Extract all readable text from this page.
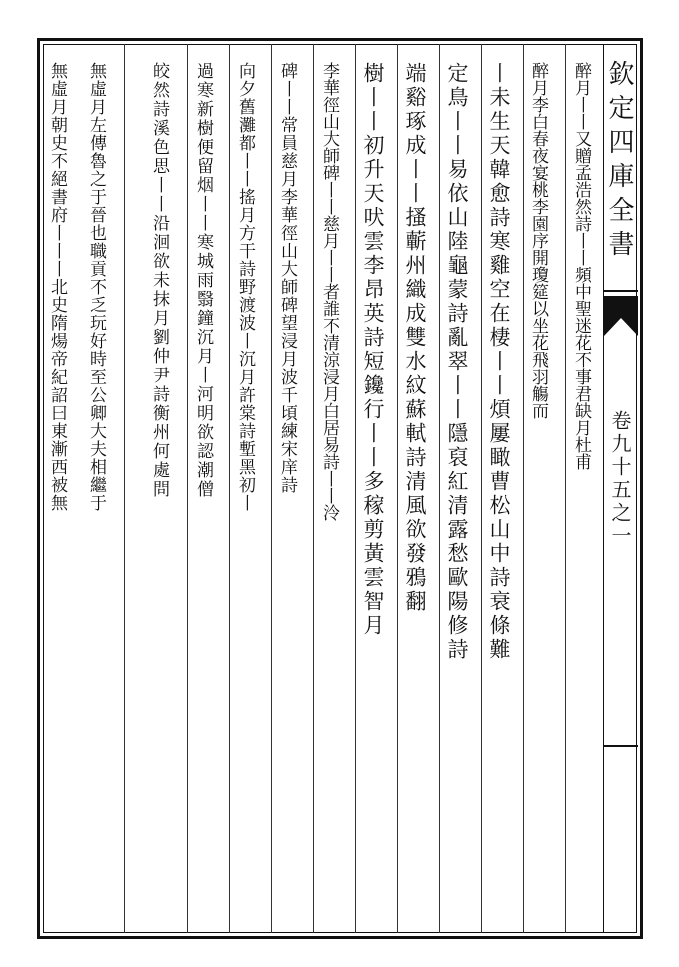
欽定四庫全書
卷九十五之一
醉月丨丨又贈孟浩然詩丨丨頻中聖迷花不事君缺月杜甫
醉月李白春夜宴桃李園序開瓊筵以坐花飛羽觴而
丨未生天韓愈詩寒雞空在棲丨丨煩屢瞰曹松山中詩衰條難
定鳥丨丨易依山陸龜蒙詩亂翠丨丨隱裒紅清露愁歐陽修詩
端谿琢成丨丨搔蘄州織成雙水紋蘇軾詩清風欲發鴉翻
樹丨丨初升天吠雲李昂英詩短鑱行丨丨多稼剪黃雲智月
李華徑山大師碑丨丨慈月丨丨者誰不清涼浸月白居易詩丨丨泠
碑丨丨常員慈月李華徑山大師碑望浸月波千頃練宋庠詩
向夕舊灘都丨丨搖月方干詩野渡波丨沉月許棠詩塹黑初丨
過寒新樹便留烟丨丨寒城雨翳鐘沉月丨河明欲認潮僧
皎然詩溪色思丨丨沿洄欲未抹月劉仲尹詩衡州何處問
無虛月左傳魯之于晉也職貢不乏玩好時至公卿大夫相繼于
無虛月朝史不絕書府丨丨丨北史隋煬帝紀詔曰東漸西被無
